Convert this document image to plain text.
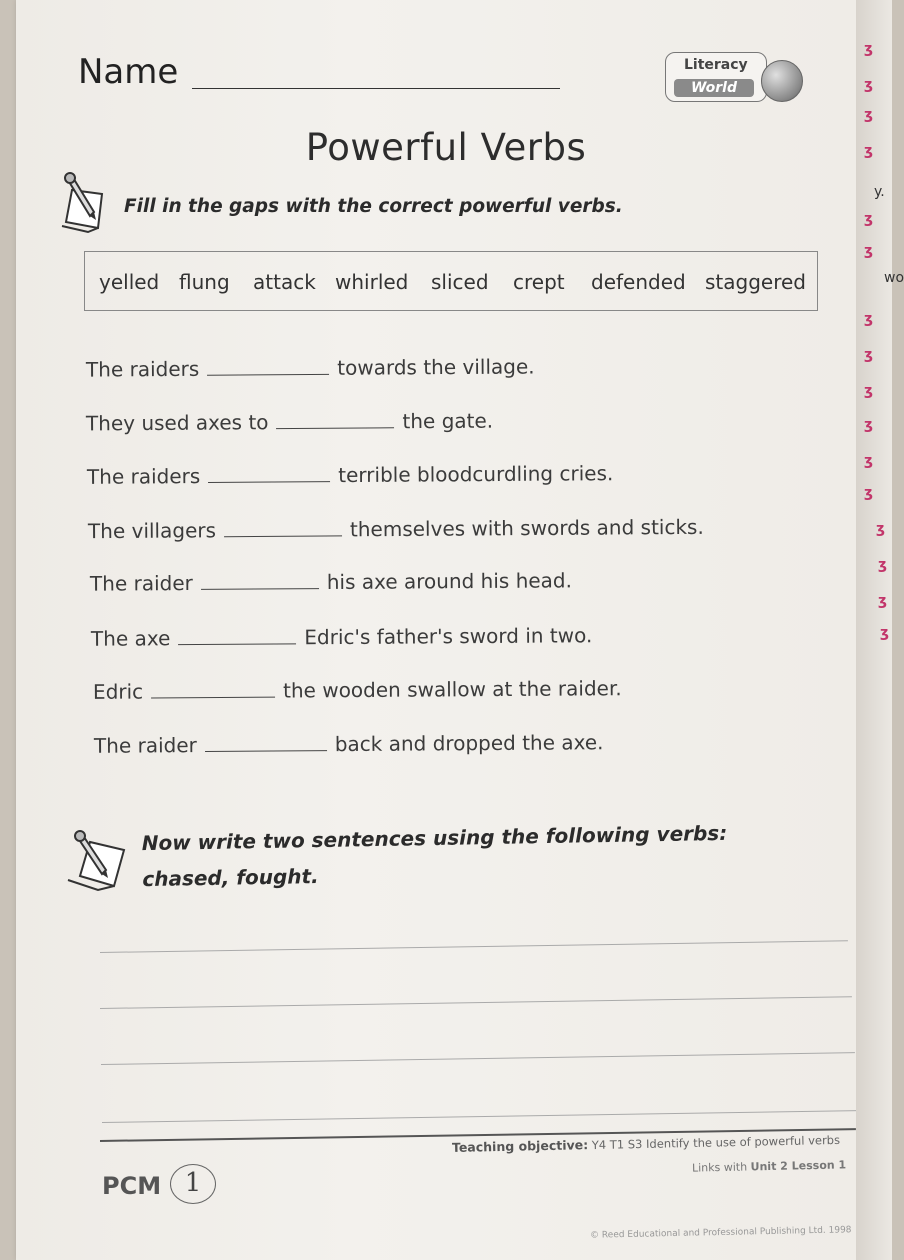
Name	Literacy
World
Powerful Verbs
Fill in the gaps with the correct powerful verbs.
yelled flung attack whirled sliced crept defended staggered
The raiders	towards the village.
They used axes to	the gate.
The raiders	terrible bloodcurdling cries.
The villagers	themselves with swords and sticks.
The raider	his axe around his head.
The axe	Edric's father's sword in two.
Edric	the wooden swallow at the raider.
The raider	back and dropped the axe.
Now write two sentences using the following verbs:
chased, fought.
PCM 1
Teaching objective: Y4 T1 S3 Identify the use of powerful verbs
Links with Unit 2 Lesson 1
© Reed Educational and Professional Publishing Ltd. 1998
ʒ
ʒ
ʒ
ʒ
y.
ʒ
ʒ
wo
ʒ
ʒ
ʒ
ʒ
ʒ
ʒ
ʒ
ʒ
ʒ
ʒ
